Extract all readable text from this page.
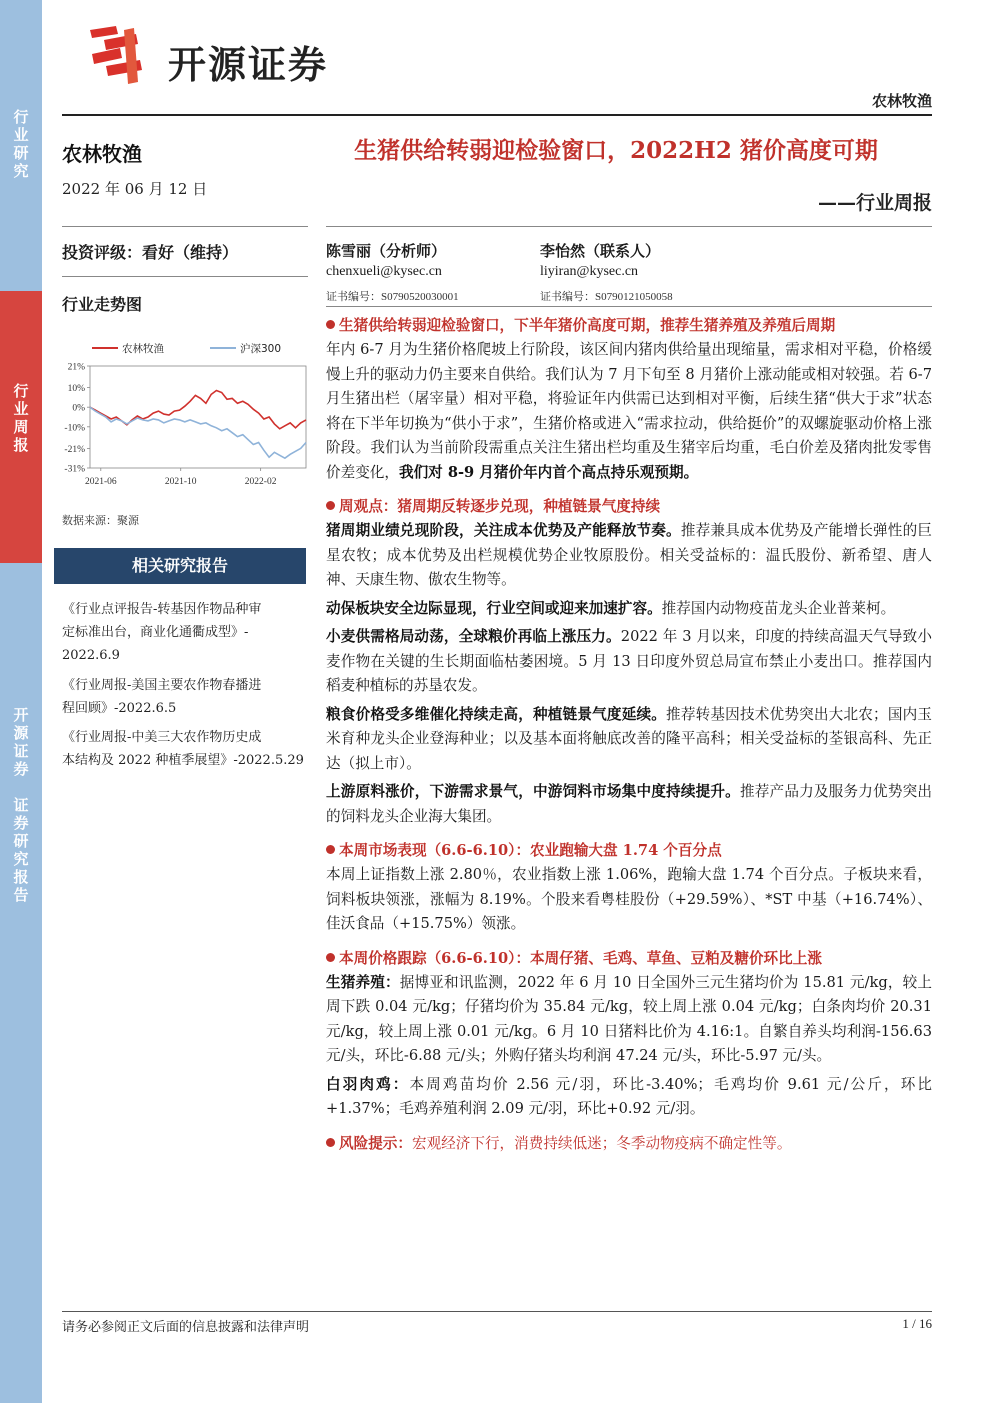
行
业
研
究
行
业
周
报
开
源
证
券

证
券
研
究
报
告
开源证券
农林牧渔
农林牧渔
2022 年 06 月 12 日
生猪供给转弱迎检验窗口，2022H2 猪价高度可期
——行业周报
投资评级：看好（维持）
行业走势图
陈雪丽（分析师）
chenxueli@kysec.cn
证书编号：S0790520030001
李怡然（联系人）
liyiran@kysec.cn
证书编号：S0790121050058
21%
10%
0%
-10%
-21%
-31%
2021-06	2021-10	2022-02
农林牧渔	沪深300
数据来源：聚源
相关研究报告
《行业点评报告-转基因作物品种审
定标准出台，商业化通衢成型》-
2022.6.9
《行业周报-美国主要农作物春播进
程回顾》-2022.6.5
《行业周报-中美三大农作物历史成
本结构及 2022 种植季展望》-2022.5.29
生猪供给转弱迎检验窗口，下半年猪价高度可期，推荐生猪养殖及养殖后周期

年内 6-7 月为生猪价格爬坡上行阶段，该区间内猪肉供给量出现缩量，需求相对平稳，价格缓慢上升的驱动力仍主要来自供给。我们认为 7 月下旬至 8 月猪价上涨动能或相对较强。若 6-7 月生猪出栏（屠宰量）相对平稳，将验证年内供需已达到相对平衡，后续生猪“供大于求”状态将在下半年切换为“供小于求”，生猪价格或进入“需求拉动，供给挺价”的双螺旋驱动价格上涨阶段。我们认为当前阶段需重点关注生猪出栏均重及生猪宰后均重，毛白价差及猪肉批发零售价差变化，我们对 8-9 月猪价年内首个高点持乐观预期。

周观点：猪周期反转逐步兑现，种植链景气度持续

猪周期业绩兑现阶段，关注成本优势及产能释放节奏。推荐兼具成本优势及产能增长弹性的巨星农牧；成本优势及出栏规模优势企业牧原股份。相关受益标的：温氏股份、新希望、唐人神、天康生物、傲农生物等。

动保板块安全边际显现，行业空间或迎来加速扩容。推荐国内动物疫苗龙头企业普莱柯。

小麦供需格局动荡，全球粮价再临上涨压力。2022 年 3 月以来，印度的持续高温天气导致小麦作物在关键的生长期面临枯萎困境。5 月 13 日印度外贸总局宣布禁止小麦出口。推荐国内稻麦种植标的苏垦农发。

粮食价格受多维催化持续走高，种植链景气度延续。推荐转基因技术优势突出大北农；国内玉米育种龙头企业登海种业；以及基本面将触底改善的隆平高科；相关受益标的荃银高科、先正达（拟上市）。

上游原料涨价，下游需求景气，中游饲料市场集中度持续提升。推荐产品力及服务力优势突出的饲料龙头企业海大集团。

本周市场表现（6.6-6.10）：农业跑输大盘 1.74 个百分点

本周上证指数上涨 2.80％，农业指数上涨 1.06%，跑输大盘 1.74 个百分点。子板块来看，饲料板块领涨，涨幅为 8.19%。个股来看粤桂股份（+29.59%）、*ST 中基（+16.74%）、佳沃食品（+15.75%）领涨。

本周价格跟踪（6.6-6.10）：本周仔猪、毛鸡、草鱼、豆粕及糖价环比上涨

生猪养殖：据博亚和讯监测，2022 年 6 月 10 日全国外三元生猪均价为 15.81 元/kg，较上周下跌 0.04 元/kg；仔猪均价为 35.84 元/kg，较上周上涨 0.04 元/kg；白条肉均价 20.31 元/kg，较上周上涨 0.01 元/kg。6 月 10 日猪料比价为 4.16:1。自繁自养头均利润-156.63 元/头，环比-6.88 元/头；外购仔猪头均利润 47.24 元/头，环比-5.97 元/头。

白羽肉鸡：本周鸡苗均价 2.56 元/羽，环比-3.40%；毛鸡均价 9.61 元/公斤，环比+1.37%；毛鸡养殖利润 2.09 元/羽，环比+0.92 元/羽。

风险提示：宏观经济下行，消费持续低迷；冬季动物疫病不确定性等。

请务必参阅正文后面的信息披露和法律声明	1 / 16
